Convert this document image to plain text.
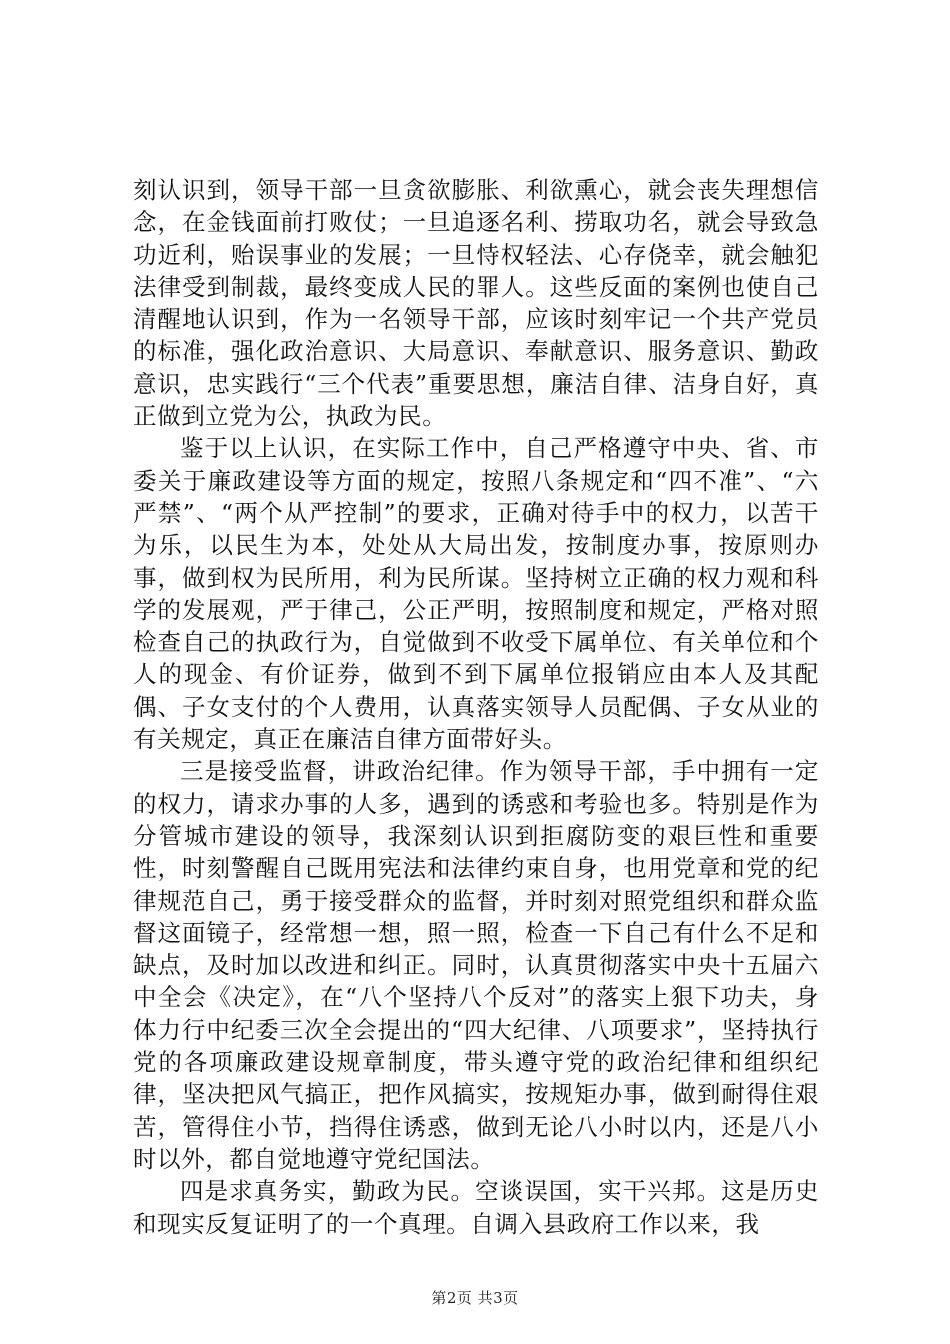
刻认识到，领导干部一旦贪欲膨胀、利欲熏心，就会丧失理想信念，在金钱面前打败仗；一旦追逐名利、捞取功名，就会导致急功近利，贻误事业的发展；一旦恃权轻法、心存侥幸，就会触犯法律受到制裁，最终变成人民的罪人。这些反面的案例也使自己清醒地认识到，作为一名领导干部，应该时刻牢记一个共产党员的标准，强化政治意识、大局意识、奉献意识、服务意识、勤政意识，忠实践行“三个代表”重要思想，廉洁自律、洁身自好，真正做到立党为公，执政为民。

鉴于以上认识，在实际工作中，自己严格遵守中央、省、市委关于廉政建设等方面的规定，按照八条规定和“四不准”、“六严禁”、“两个从严控制”的要求，正确对待手中的权力，以苦干为乐，以民生为本，处处从大局出发，按制度办事，按原则办事，做到权为民所用，利为民所谋。坚持树立正确的权力观和科学的发展观，严于律己，公正严明，按照制度和规定，严格对照检查自己的执政行为，自觉做到不收受下属单位、有关单位和个人的现金、有价证券，做到不到下属单位报销应由本人及其配偶、子女支付的个人费用，认真落实领导人员配偶、子女从业的有关规定，真正在廉洁自律方面带好头。

三是接受监督，讲政治纪律。作为领导干部，手中拥有一定的权力，请求办事的人多，遇到的诱惑和考验也多。特别是作为分管城市建设的领导，我深刻认识到拒腐防变的艰巨性和重要性，时刻警醒自己既用宪法和法律约束自身，也用党章和党的纪律规范自己，勇于接受群众的监督，并时刻对照党组织和群众监督这面镜子，经常想一想，照一照，检查一下自己有什么不足和缺点，及时加以改进和纠正。同时，认真贯彻落实中央十五届六中全会《决定》，在“八个坚持八个反对”的落实上狠下功夫，身体力行中纪委三次全会提出的“四大纪律、八项要求”，坚持执行党的各项廉政建设规章制度，带头遵守党的政治纪律和组织纪律，坚决把风气搞正，把作风搞实，按规矩办事，做到耐得住艰苦，管得住小节，挡得住诱惑，做到无论八小时以内，还是八小时以外，都自觉地遵守党纪国法。

四是求真务实，勤政为民。空谈误国，实干兴邦。这是历史和现实反复证明了的一个真理。自调入县政府工作以来，我

第2页 共3页
